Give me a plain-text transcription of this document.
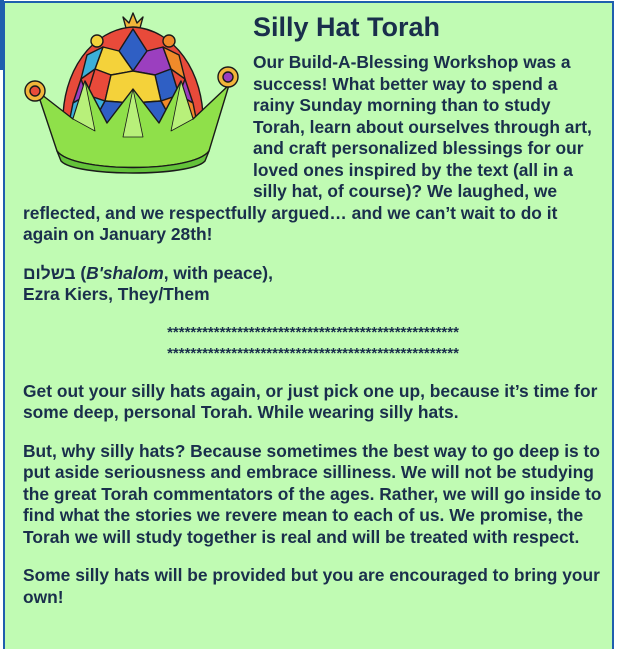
Silly Hat Torah

Our Build-A-Blessing Workshop was a success! What better way to spend a rainy Sunday morning than to study Torah, learn about ourselves through art, and craft personalized blessings for our loved ones inspired by the text (all in a silly hat, of course)? We laughed, we reflected, and we respectfully argued… and we can’t wait to do it again on January 28th!

בשלום (B'shalom, with peace),
Ezra Kiers, They/Them

**************************************************
**************************************************

Get out your silly hats again, or just pick one up, because it’s time for some deep, personal Torah. While wearing silly hats.

But, why silly hats? Because sometimes the best way to go deep is to put aside seriousness and embrace silliness. We will not be studying the great Torah commentators of the ages. Rather, we will go inside to find what the stories we revere mean to each of us. We promise, the Torah we will study together is real and will be treated with respect.

Some silly hats will be provided but you are encouraged to bring your own!
